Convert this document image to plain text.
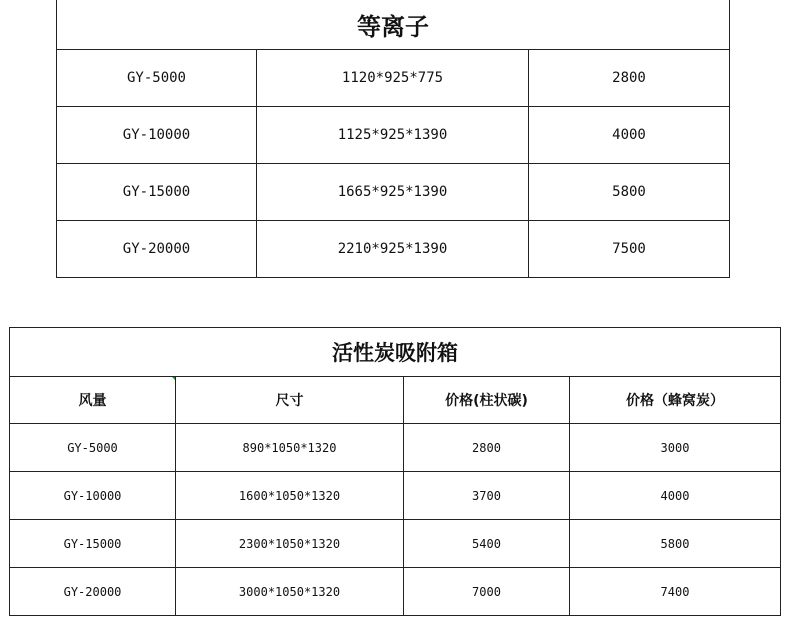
等离子		
GY-5000	1120*925*775	2800
GY-10000	1125*925*1390	4000
GY-15000	1665*925*1390	5800
GY-20000	2210*925*1390	7500
活性炭吸附箱			
风量	尺寸	价格(柱状碳)	价格（蜂窝炭）
GY-5000	890*1050*1320	2800	3000
GY-10000	1600*1050*1320	3700	4000
GY-15000	2300*1050*1320	5400	5800
GY-20000	3000*1050*1320	7000	7400
